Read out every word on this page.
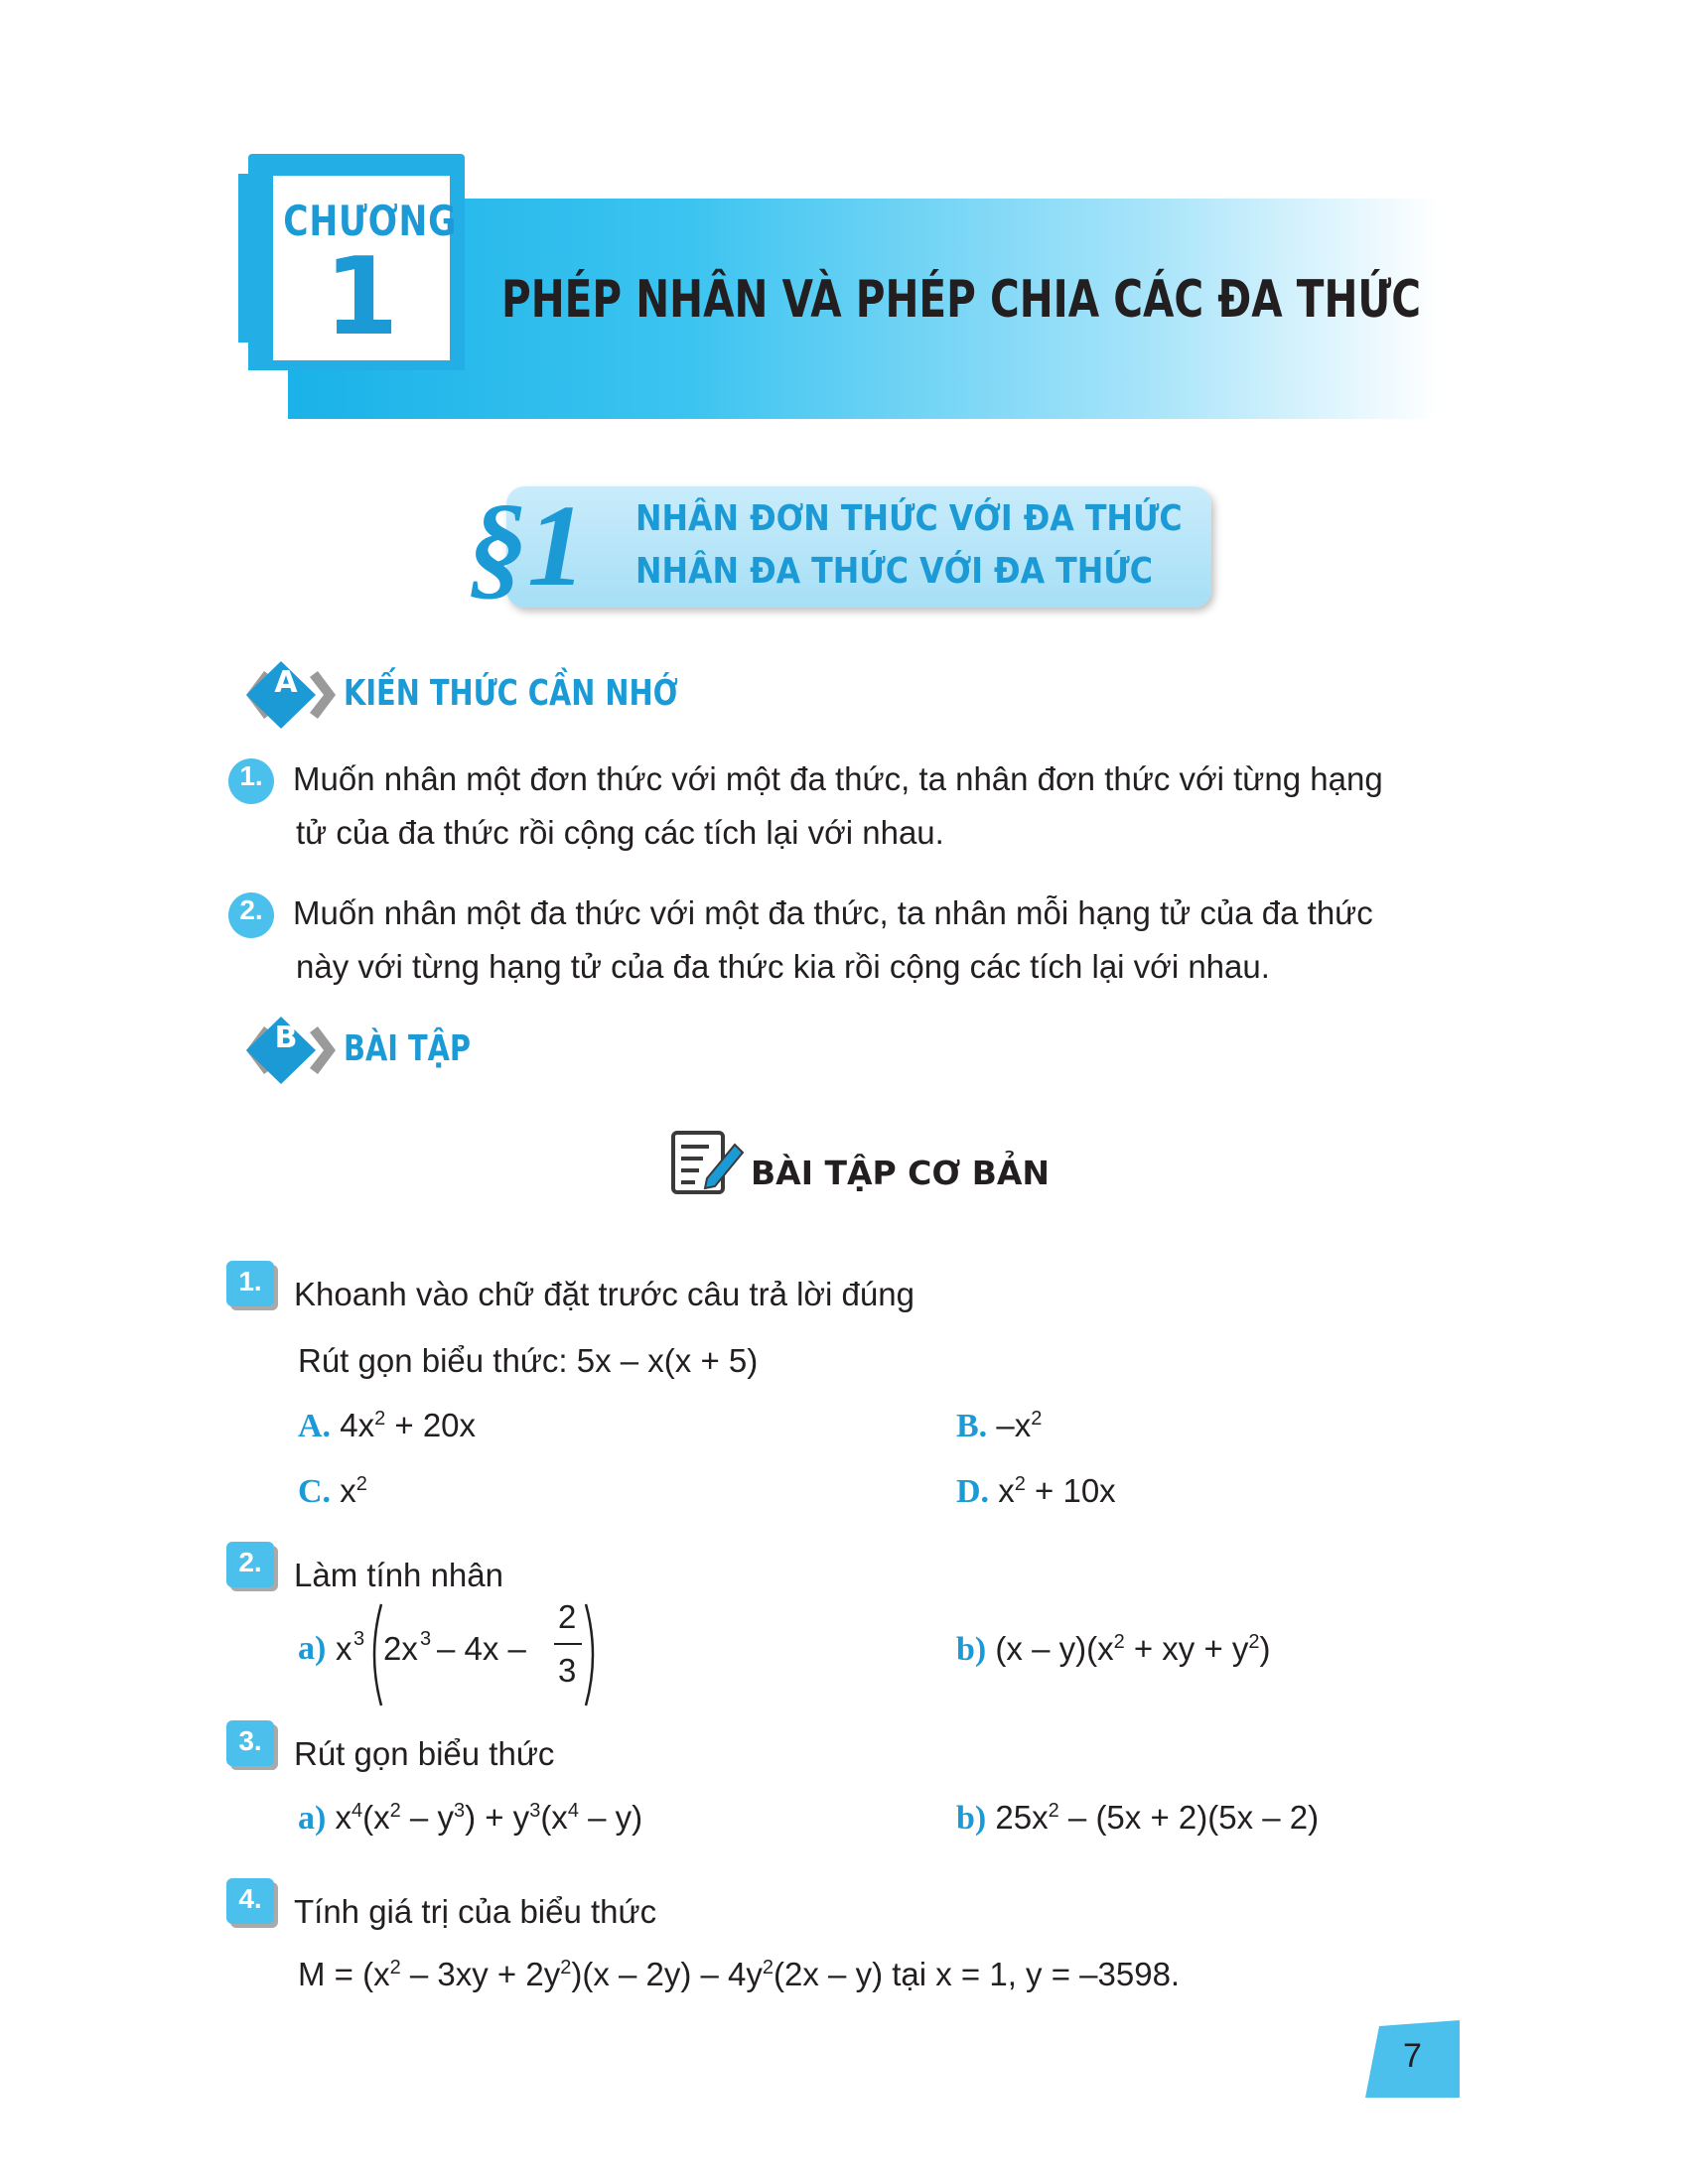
CHƯƠNG
1	PHÉP NHÂN VÀ PHÉP CHIA CÁC ĐA THỨC
§1 NHÂN ĐƠN THỨC VỚI ĐA THỨC
NHÂN ĐA THỨC VỚI ĐA THỨC
A KIẾN THỨC CẦN NHỚ
1. Muốn nhân một đơn thức với một đa thức, ta nhân đơn thức với từng hạng
tử của đa thức rồi cộng các tích lại với nhau.
2. Muốn nhân một đa thức với một đa thức, ta nhân mỗi hạng tử của đa thức
này với từng hạng tử của đa thức kia rồi cộng các tích lại với nhau.
B	BÀI TẬP
BÀI TẬP CƠ BẢN
1. Khoanh vào chữ đặt trước câu trả lời đúng
Rút gọn biểu thức: 5x – x(x + 5)
A. $4x^2 + 20x$	B. $-x^2$
C. $x^2$	D. $x^2 + 10x$
2. Làm tính nhân
a) x 3 2x 3 – 4x –
2
3
b) $(x - y)(x^2$ + xy + $y^2$)
3. Rút gọn biểu thức
a) $x^4(x^2 - y^3) + y^3(x^4 - y)$	b) $25x^2 - (5x + 2)(5x - 2)$
4. Tính giá trị của biểu thức
$M = (x^2 - 3xy + 2y^2)(x - 2y) - 4y^2(2x - y)$ tại x = 1, y = –3598.
7
